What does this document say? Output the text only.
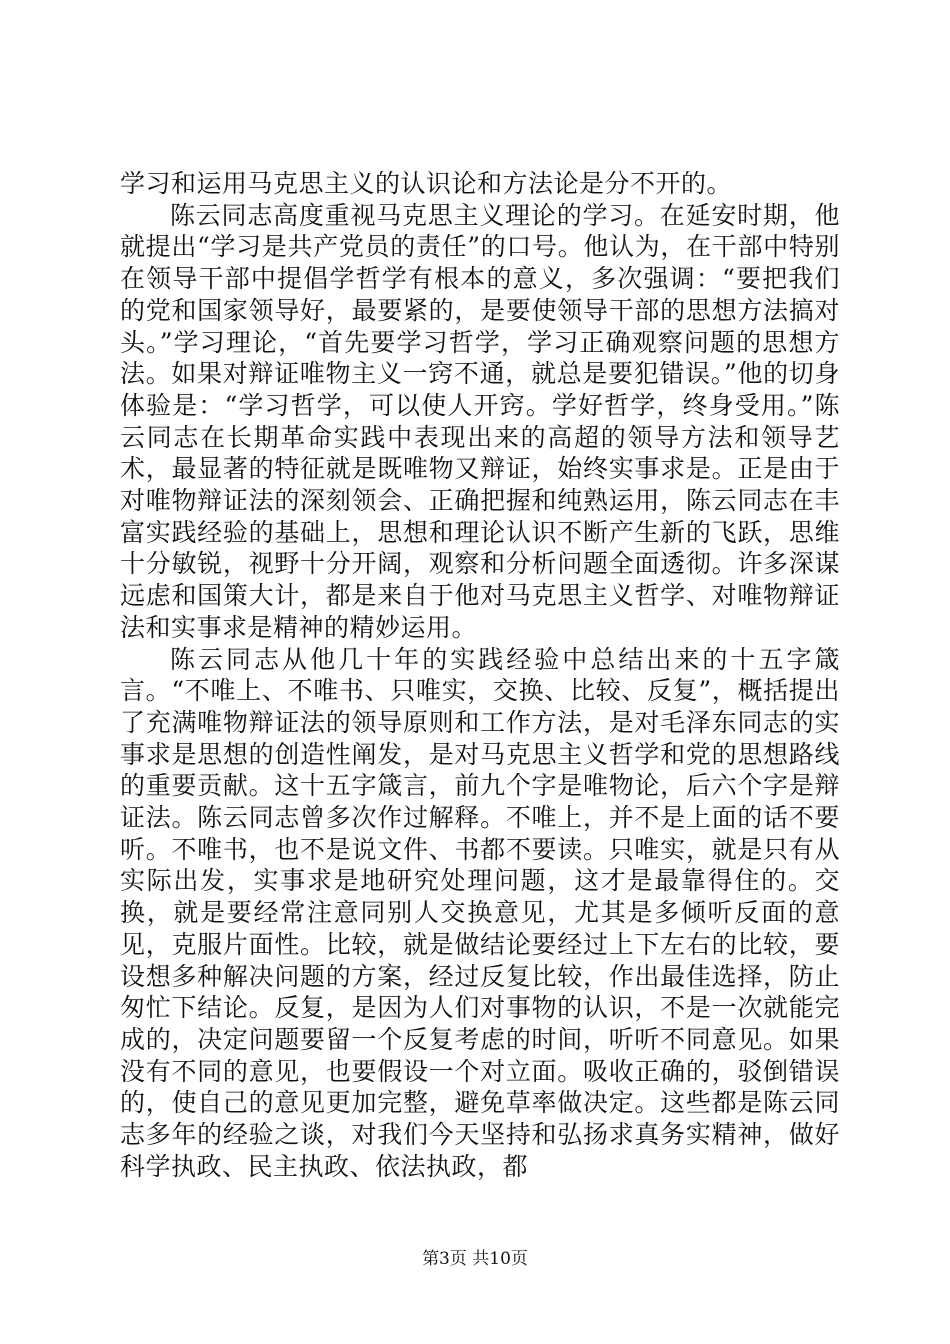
学习和运用马克思主义的认识论和方法论是分不开的。

陈云同志高度重视马克思主义理论的学习。在延安时期，他就提出“学习是共产党员的责任”的口号。他认为，在干部中特别在领导干部中提倡学哲学有根本的意义，多次强调：“要把我们的党和国家领导好，最要紧的，是要使领导干部的思想方法搞对头。”学习理论，“首先要学习哲学，学习正确观察问题的思想方法。如果对辩证唯物主义一窍不通，就总是要犯错误。”他的切身体验是：“学习哲学，可以使人开窍。学好哲学，终身受用。”陈云同志在长期革命实践中表现出来的高超的领导方法和领导艺术，最显著的特征就是既唯物又辩证，始终实事求是。正是由于对唯物辩证法的深刻领会、正确把握和纯熟运用，陈云同志在丰富实践经验的基础上，思想和理论认识不断产生新的飞跃，思维十分敏锐，视野十分开阔，观察和分析问题全面透彻。许多深谋远虑和国策大计，都是来自于他对马克思主义哲学、对唯物辩证法和实事求是精神的精妙运用。

陈云同志从他几十年的实践经验中总结出来的十五字箴言。“不唯上、不唯书、只唯实，交换、比较、反复”，概括提出了充满唯物辩证法的领导原则和工作方法，是对毛泽东同志的实事求是思想的创造性阐发，是对马克思主义哲学和党的思想路线的重要贡献。这十五字箴言，前九个字是唯物论，后六个字是辩证法。陈云同志曾多次作过解释。不唯上，并不是上面的话不要听。不唯书，也不是说文件、书都不要读。只唯实，就是只有从实际出发，实事求是地研究处理问题，这才是最靠得住的。交换，就是要经常注意同别人交换意见，尤其是多倾听反面的意见，克服片面性。比较，就是做结论要经过上下左右的比较，要设想多种解决问题的方案，经过反复比较，作出最佳选择，防止匆忙下结论。反复，是因为人们对事物的认识，不是一次就能完成的，决定问题要留一个反复考虑的时间，听听不同意见。如果没有不同的意见，也要假设一个对立面。吸收正确的，驳倒错误的，使自己的意见更加完整，避免草率做决定。这些都是陈云同志多年的经验之谈，对我们今天坚持和弘扬求真务实精神，做好科学执政、民主执政、依法执政，都

第3页 共10页
